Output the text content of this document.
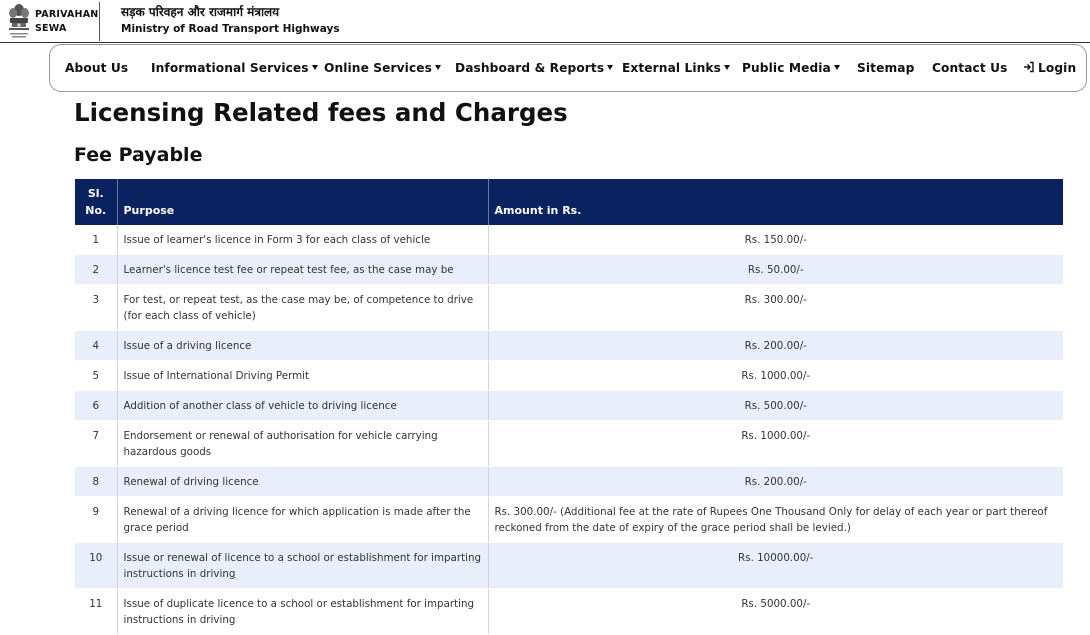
PARIVAHAN
SEWA
सड़क परिवहन और राजमार्ग मंत्रालय
Ministry of Road Transport Highways
About Us Informational Services	Online Services	Dashboard & Reports	External Links	Public Media	Sitemap Contact Us	Login
Licensing Related fees and Charges
Fee Payable
Sl.
No.	Purpose	Amount in Rs.
1	Issue of learner's licence in Form 3 for each class of vehicle	Rs. 150.00/-
2	Learner's licence test fee or repeat test fee, as the case may be	Rs. 50.00/-
3	For test, or repeat test, as the case may be, of competence to drive (for each class of vehicle)	Rs. 300.00/-
4	Issue of a driving licence	Rs. 200.00/-
5	Issue of International Driving Permit	Rs. 1000.00/-
6	Addition of another class of vehicle to driving licence	Rs. 500.00/-
7	Endorsement or renewal of authorisation for vehicle carrying hazardous goods	Rs. 1000.00/-
8	Renewal of driving licence	Rs. 200.00/-
9	Renewal of a driving licence for which application is made after the grace period	Rs. 300.00/- (Additional fee at the rate of Rupees One Thousand Only for delay of each year or part thereof reckoned from the date of expiry of the grace period shall be levied.)
10	Issue or renewal of licence to a school or establishment for imparting instructions in driving	Rs. 10000.00/-
11	Issue of duplicate licence to a school or establishment for imparting instructions in driving	Rs. 5000.00/-
